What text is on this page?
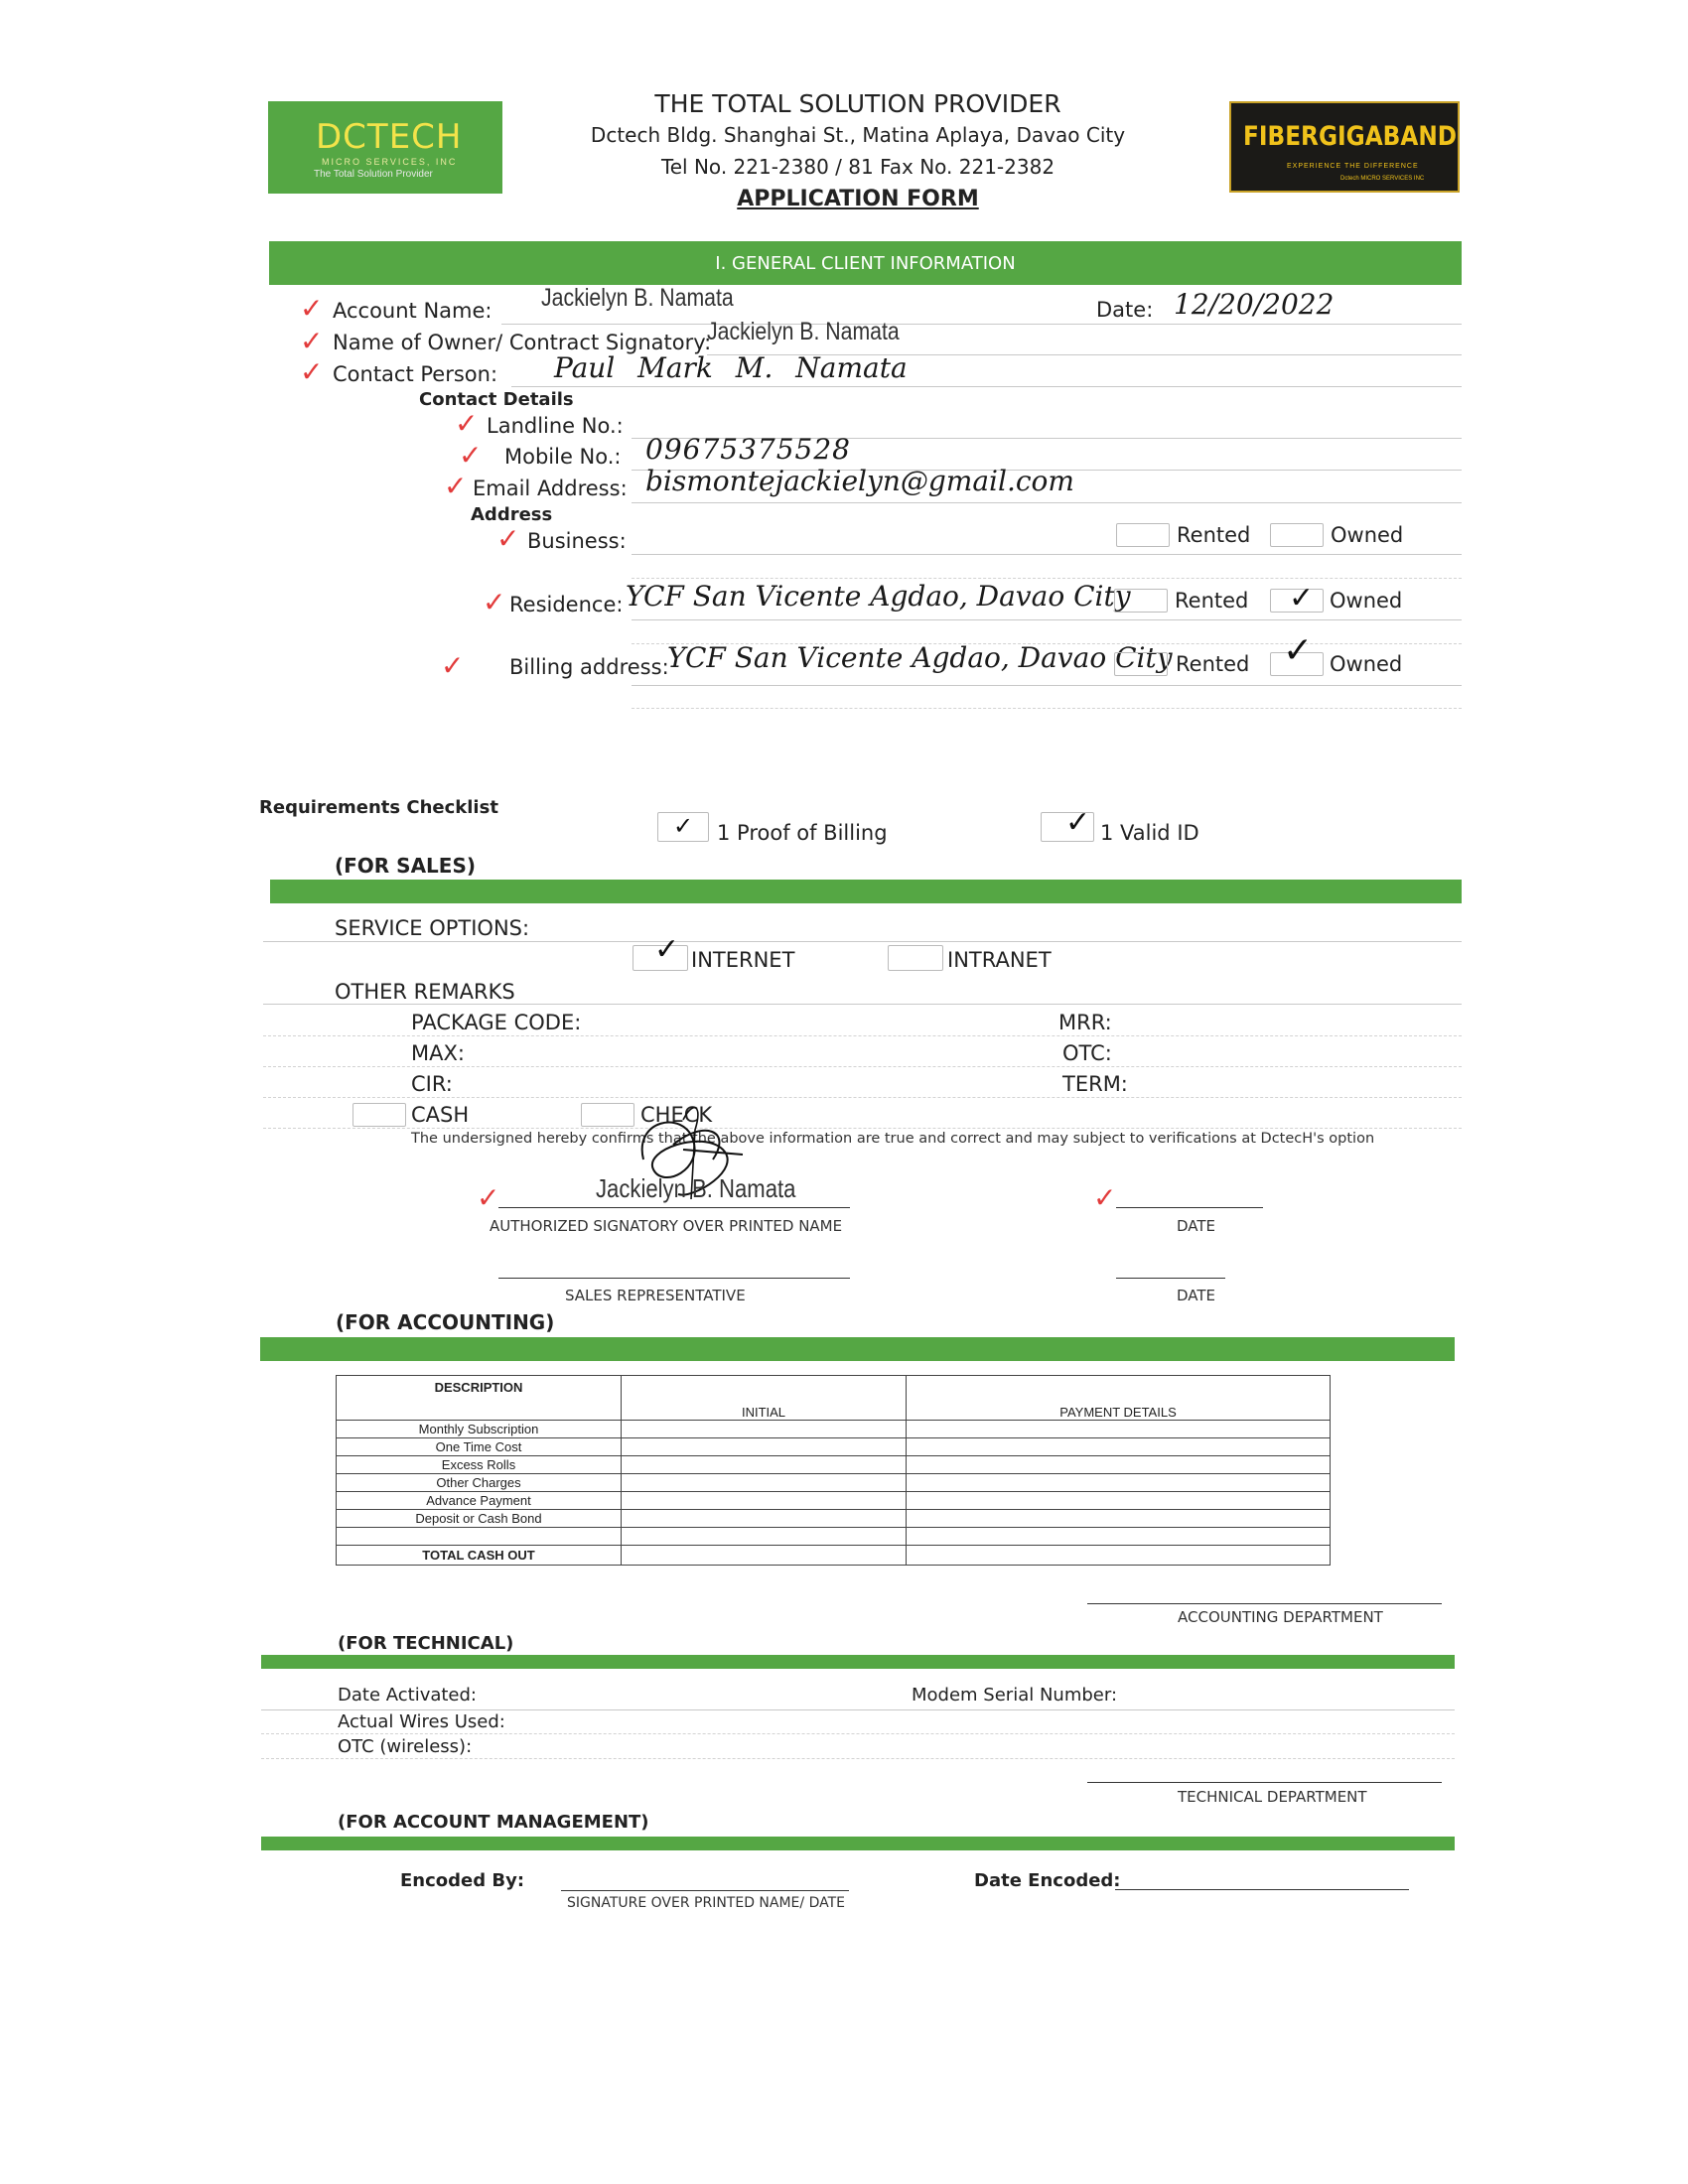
DCTECH
MICRO SERVICES, INC
The Total Solution Provider
THE TOTAL SOLUTION PROVIDER
Dctech Bldg. Shanghai St., Matina Aplaya, Davao City
Tel No. 221-2380 / 81 Fax No. 221-2382
APPLICATION FORM
FIBERGIGABAND
EXPERIENCE THE DIFFERENCE
Dctech MICRO SERVICES INC
I. GENERAL CLIENT INFORMATION
✓ Account Name: Jackielyn B. Namata	Date: 12/20/2022
✓ Name of Owner/ Contract Signatory:
Jackielyn B. Namata
✓ Contact Person: Paul Mark M. Namata
Contact Details
✓ Landline No.:
✓ Mobile No.: 09675375528
✓ Email Address: bismontejackielyn@gmail.com
Address
✓ Business:	Rented	Owned
✓ Residence: YCF San Vicente Agdao, Davao City Rented ✓ Owned
✓ Billing address:
YCF San Vicente Agdao, Davao City Rented ✓ Owned
Requirements Checklist
✓ 1 Proof of Billing	✓ 1 Valid ID
(FOR SALES)
SERVICE OPTIONS:
✓ INTERNET	INTRANET
OTHER REMARKS
PACKAGE CODE:	MRR:
MAX:	OTC:
CIR:	TERM:
CASH	CHECK
The undersigned hereby confirms that the above information are true and correct and may subject to verifications at DctecH's option
✓	Jackielyn B. Namata
AUTHORIZED SIGNATORY OVER PRINTED NAME
✓
DATE
SALES REPRESENTATIVE	DATE
(FOR ACCOUNTING)
DESCRIPTION	INITIAL	PAYMENT DETAILS
Monthly Subscription		
One Time Cost		
Excess Rolls		
Other Charges		
Advance Payment		
Deposit or Cash Bond		

TOTAL CASH OUT		
ACCOUNTING DEPARTMENT
(FOR TECHNICAL)
Date Activated:	Modem Serial Number:
Actual Wires Used:
OTC (wireless):
TECHNICAL DEPARTMENT
(FOR ACCOUNT MANAGEMENT)
Encoded By:
SIGNATURE OVER PRINTED NAME/ DATE
Date Encoded:
